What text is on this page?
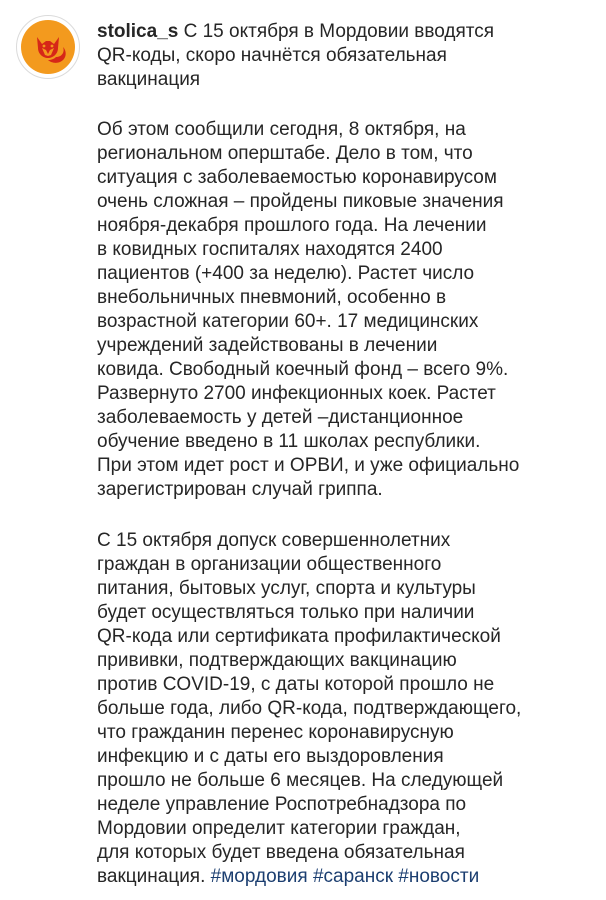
stolica_s С 15 октября в Мордовии вводятся
QR-коды, скоро начнётся обязательная
вакцинация
Об этом сообщили сегодня, 8 октября, на
региональном оперштабе. Дело в том, что
ситуация с заболеваемостью коронавирусом
очень сложная – пройдены пиковые значения
ноября-декабря прошлого года. На лечении
в ковидных госпиталях находятся 2400
пациентов (+400 за неделю). Растет число
внебольничных пневмоний, особенно в
возрастной категории 60+. 17 медицинских
учреждений задействованы в лечении
ковида. Свободный коечный фонд – всего 9%.
Развернуто 2700 инфекционных коек. Растет
заболеваемость у детей –дистанционное
обучение введено в 11 школах республики.
При этом идет рост и ОРВИ, и уже официально
зарегистрирован случай гриппа.
С 15 октября допуск совершеннолетних
граждан в организации общественного
питания, бытовых услуг, спорта и культуры
будет осуществляться только при наличии
QR-кода или сертификата профилактической
прививки, подтверждающих вакцинацию
против COVID-19, с даты которой прошло не
больше года, либо QR-кода, подтверждающего,
что гражданин перенес коронавирусную
инфекцию и с даты его выздоровления
прошло не больше 6 месяцев. На следующей
неделе управление Роспотребнадзора по
Мордовии определит категории граждан,
для которых будет введена обязательная
вакцинация. #мордовия #саранск #новости
